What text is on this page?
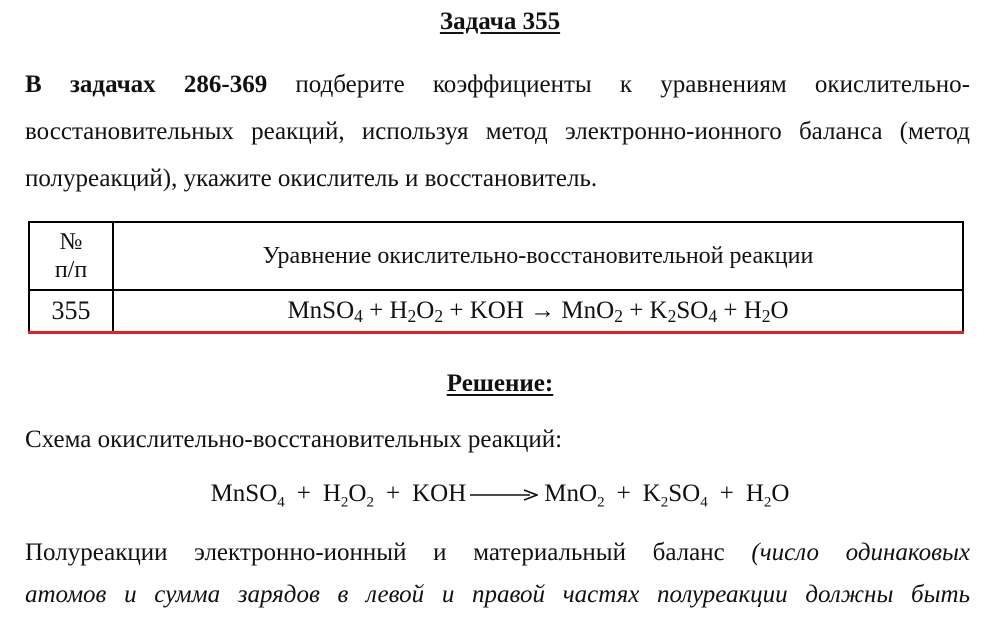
Задача 355

В задачах 286-369 подберите коэффициенты к уравнениям окислительно-восстановительных реакций, используя метод электронно-ионного баланса (метод полуреакций), укажите окислитель и восстановитель.

№
п/п	Уравнение окислительно-восстановительной реакции
355	MnSO$_4$ + $H_2O_2$ + KOH → $MnO_2 + K_2SO_4 + H_2O$
Решение:
Схема окислительно-восстановительных реакций:
MnSO$_4$ + $H_2O_2$ + KOH	$MnO_2 + K_2SO_4 + H_2O$

Полуреакции электронно-ионный и материальный баланс (число одинаковых

атомов и сумма зарядов в левой и правой частях полуреакции должны быть
